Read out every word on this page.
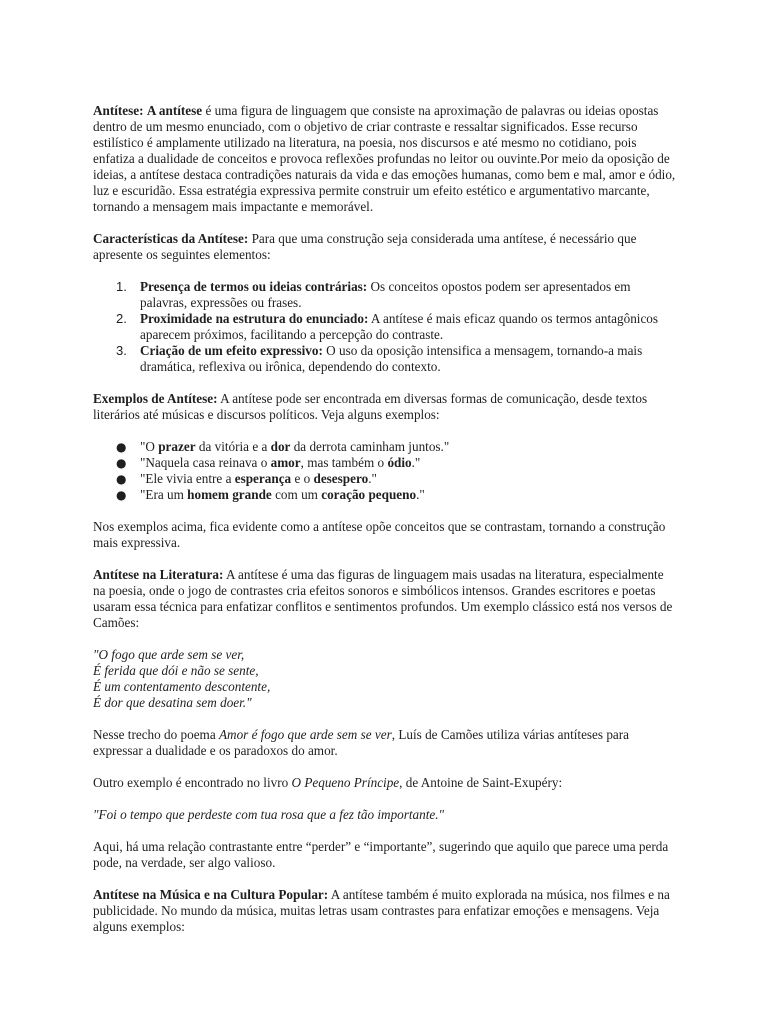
Antítese: A antítese é uma figura de linguagem que consiste na aproximação de palavras ou ideias opostas dentro de um mesmo enunciado, com o objetivo de criar contraste e ressaltar significados. Esse recurso estilístico é amplamente utilizado na literatura, na poesia, nos discursos e até mesmo no cotidiano, pois enfatiza a dualidade de conceitos e provoca reflexões profundas no leitor ou ouvinte.Por meio da oposição de ideias, a antítese destaca contradições naturais da vida e das emoções humanas, como bem e mal, amor e ódio, luz e escuridão. Essa estratégia expressiva permite construir um efeito estético e argumentativo marcante, tornando a mensagem mais impactante e memorável.

Características da Antítese: Para que uma construção seja considerada uma antítese, é necessário que apresente os seguintes elementos:

1. Presença de termos ou ideias contrárias: Os conceitos opostos podem ser apresentados em palavras, expressões ou frases.
2. Proximidade na estrutura do enunciado: A antítese é mais eficaz quando os termos antagônicos aparecem próximos, facilitando a percepção do contraste.
3. Criação de um efeito expressivo: O uso da oposição intensifica a mensagem, tornando-a mais dramática, reflexiva ou irônica, dependendo do contexto.

Exemplos de Antítese: A antítese pode ser encontrada em diversas formas de comunicação, desde textos literários até músicas e discursos políticos. Veja alguns exemplos:

● "O prazer da vitória e a dor da derrota caminham juntos."
● "Naquela casa reinava o amor, mas também o ódio."
● "Ele vivia entre a esperança e o desespero."
● "Era um homem grande com um coração pequeno."

Nos exemplos acima, fica evidente como a antítese opõe conceitos que se contrastam, tornando a construção mais expressiva.

Antítese na Literatura: A antítese é uma das figuras de linguagem mais usadas na literatura, especialmente na poesia, onde o jogo de contrastes cria efeitos sonoros e simbólicos intensos. Grandes escritores e poetas usaram essa técnica para enfatizar conflitos e sentimentos profundos. Um exemplo clássico está nos versos de Camões:

"O fogo que arde sem se ver,
É ferida que dói e não se sente,
É um contentamento descontente,
É dor que desatina sem doer."

Nesse trecho do poema Amor é fogo que arde sem se ver, Luís de Camões utiliza várias antíteses para expressar a dualidade e os paradoxos do amor.

Outro exemplo é encontrado no livro O Pequeno Príncipe, de Antoine de Saint-Exupéry:

"Foi o tempo que perdeste com tua rosa que a fez tão importante."

Aqui, há uma relação contrastante entre “perder” e “importante”, sugerindo que aquilo que parece uma perda pode, na verdade, ser algo valioso.

Antítese na Música e na Cultura Popular: A antítese também é muito explorada na música, nos filmes e na publicidade. No mundo da música, muitas letras usam contrastes para enfatizar emoções e mensagens. Veja alguns exemplos:
